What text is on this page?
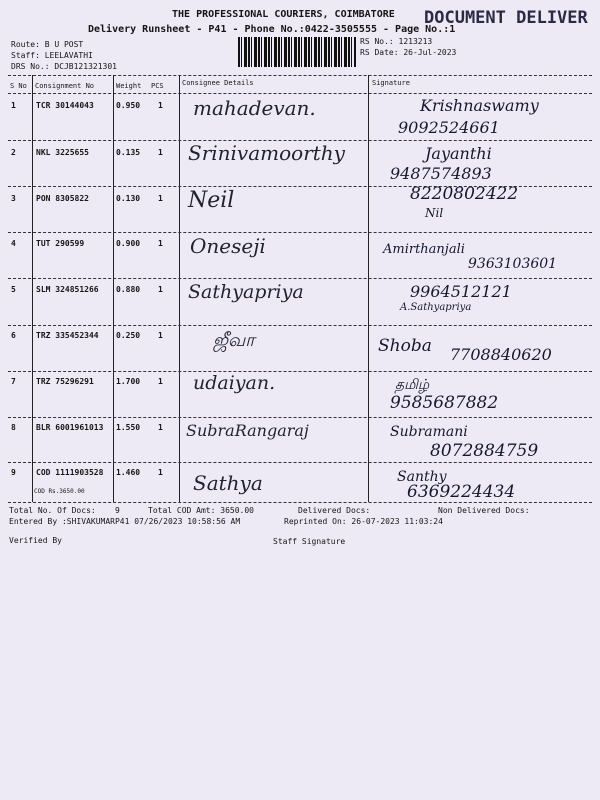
THE PROFESSIONAL COURIERS, COIMBATORE DOCUMENT DELIVER
Delivery Runsheet - P41 - Phone No.:0422-3505555 - Page No.:1
Route: B U POST
Staff: LEELAVATHI
DRS No.: DCJB121321301
RS No.: 1213213
RS Date: 26-Jul-2023
S No Consignment No	Weight PCS	Consignee Details	Signature
1	TCR 30144043	0.950 1 mahadevan.	Krishnaswamy
9092524661
2	NKL 3225655	0.135 1 Srinivamoorthy	Jayanthi
9487574893
3	PON 8305822	0.130 1 Neil	8220802422
Nil
4	TUT 290599	0.900 1 Oneseji	Amirthanjali
9363103601
5	SLM 324851266 0.880 1 Sathyapriya	9964512121
A.Sathyapriya
6	TRZ 335452344 0.250 1	ஜீவா	Shoba 7708840620
7	TRZ 75296291	1.700 1 udaiyan.	தமிழ்
9585687882
8	BLR 6001961013 1.550 1 SubraRangaraj	Subramani
8072884759
9	COD 1111903528 1.460 1
COD Rs.3650.00	Sathya	Santhy
6369224434
Total No. Of Docs:    9	Total COD Amt: 3650.00	Delivered Docs:	Non Delivered Docs:
Entered By :SHIVAKUMARP41 07/26/2023 10:58:56 AM	Reprinted On: 26-07-2023 11:03:24
Verified By	Staff Signature
